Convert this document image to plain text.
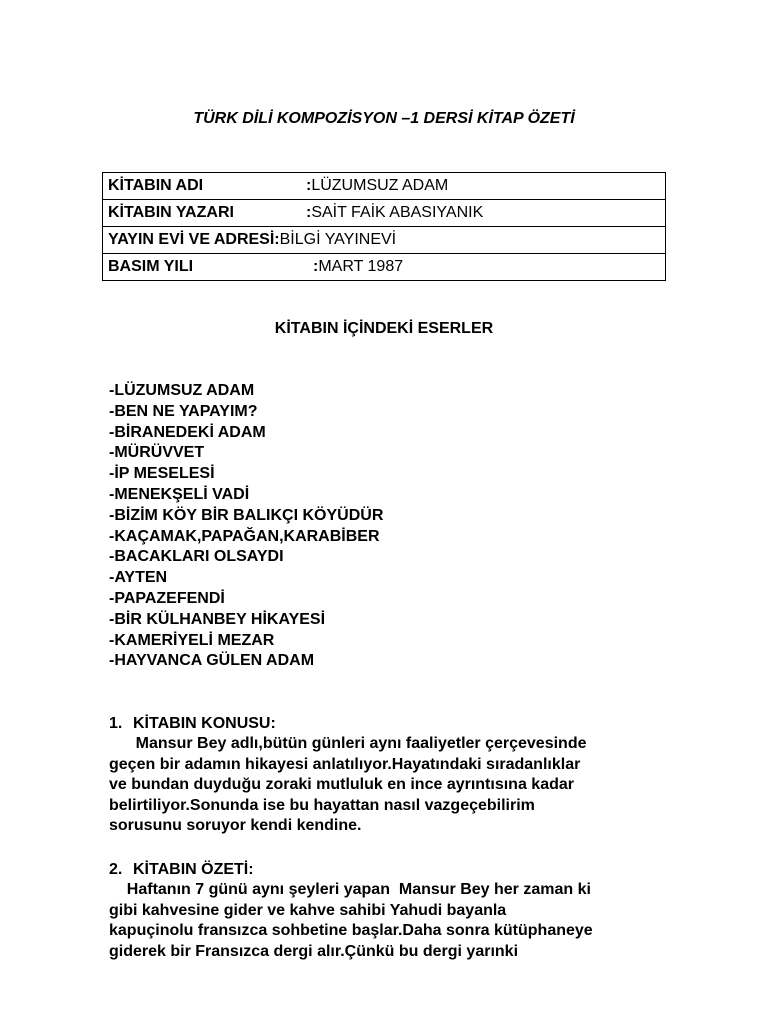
TÜRK DİLİ KOMPOZİSYON –1 DERSİ KİTAP ÖZETİ
KİTABIN ADI	:LÜZUMSUZ ADAM
KİTABIN YAZARI	:SAİT FAİK ABASIYANIK
YAYIN EVİ VE ADRESİ:BİLGİ YAYINEVİ
BASIM YILI	:MART 1987
KİTABIN İÇİNDEKİ ESERLER
-LÜZUMSUZ ADAM
-BEN NE YAPAYIM?
-BİRANEDEKİ ADAM
-MÜRÜVVET
-İP MESELESİ
-MENEKŞELİ VADİ
-BİZİM KÖY BİR BALIKÇI KÖYÜDÜR
-KAÇAMAK,PAPAĞAN,KARABİBER
-BACAKLARI OLSAYDI
-AYTEN
-PAPAZEFENDİ
-BİR KÜLHANBEY HİKAYESİ
-KAMERİYELİ MEZAR
-HAYVANCA GÜLEN ADAM
1. KİTABIN KONUSU:

Mansur Bey adlı,bütün günleri aynı faaliyetler çerçevesinde

geçen bir adamın hikayesi anlatılıyor.Hayatındaki sıradanlıklar

ve bundan duyduğu zoraki mutluluk en ince ayrıntısına kadar

belirtiliyor.Sonunda ise bu hayattan nasıl vazgeçebilirim

sorusunu soruyor kendi kendine.

2. KİTABIN ÖZETİ:

Haftanın 7 günü aynı şeyleri yapan  Mansur Bey her zaman ki

gibi kahvesine gider ve kahve sahibi Yahudi bayanla

kapuçinolu fransızca sohbetine başlar.Daha sonra kütüphaneye

giderek bir Fransızca dergi alır.Çünkü bu dergi yarınki
